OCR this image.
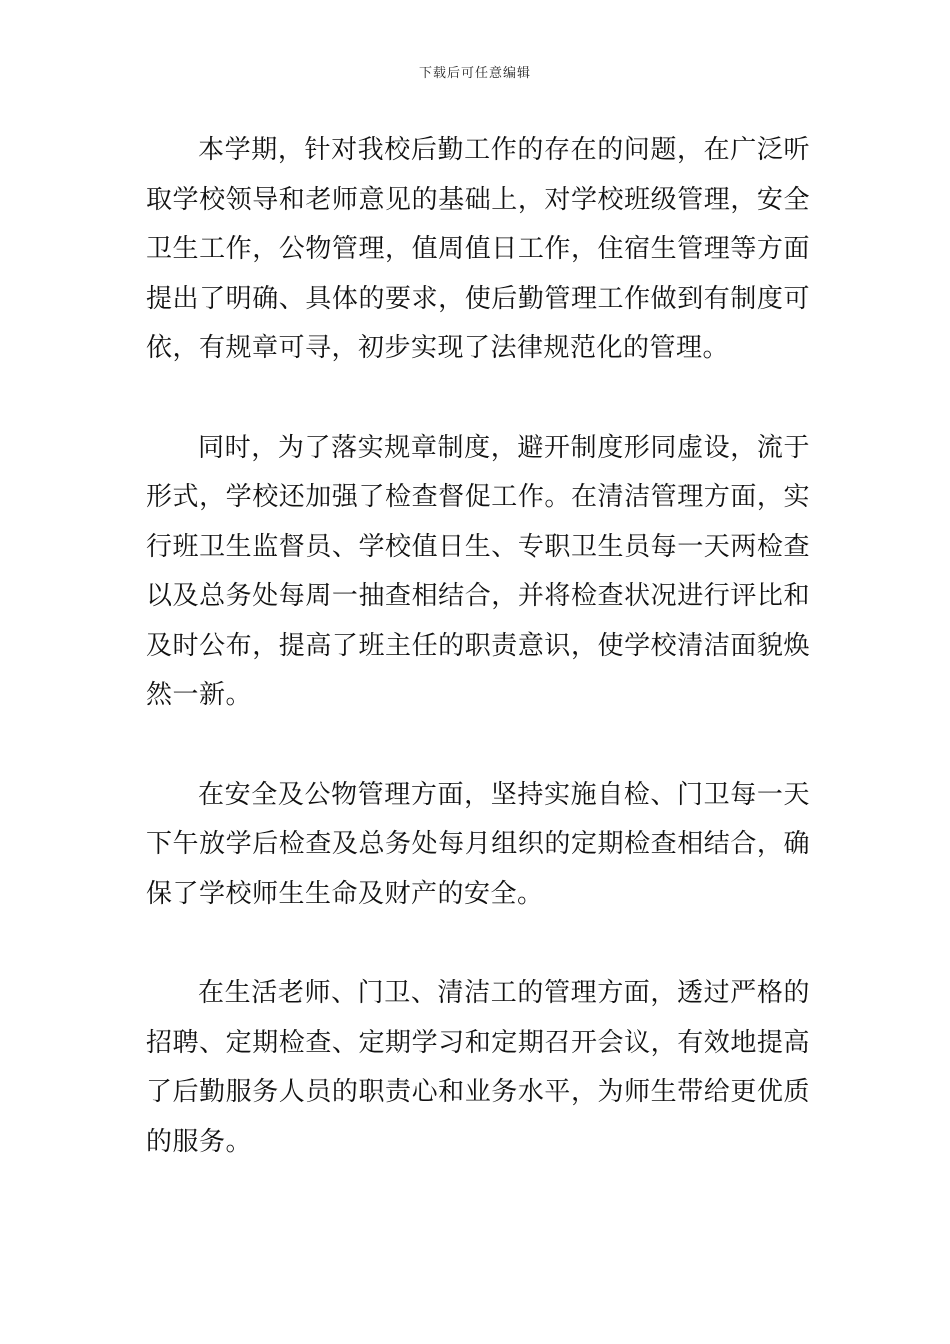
下载后可任意编辑

本学期，针对我校后勤工作的存在的问题，在广泛听取学校领导和老师意见的基础上，对学校班级管理，安全卫生工作，公物管理，值周值日工作，住宿生管理等方面提出了明确、具体的要求，使后勤管理工作做到有制度可依，有规章可寻，初步实现了法律规范化的管理。

同时，为了落实规章制度，避开制度形同虚设，流于形式，学校还加强了检查督促工作。在清洁管理方面，实行班卫生监督员、学校值日生、专职卫生员每一天两检查以及总务处每周一抽查相结合，并将检查状况进行评比和及时公布，提高了班主任的职责意识，使学校清洁面貌焕然一新。

在安全及公物管理方面，坚持实施自检、门卫每一天下午放学后检查及总务处每月组织的定期检查相结合，确保了学校师生生命及财产的安全。

在生活老师、门卫、清洁工的管理方面，透过严格的招聘、定期检查、定期学习和定期召开会议，有效地提高了后勤服务人员的职责心和业务水平，为师生带给更优质的服务。
